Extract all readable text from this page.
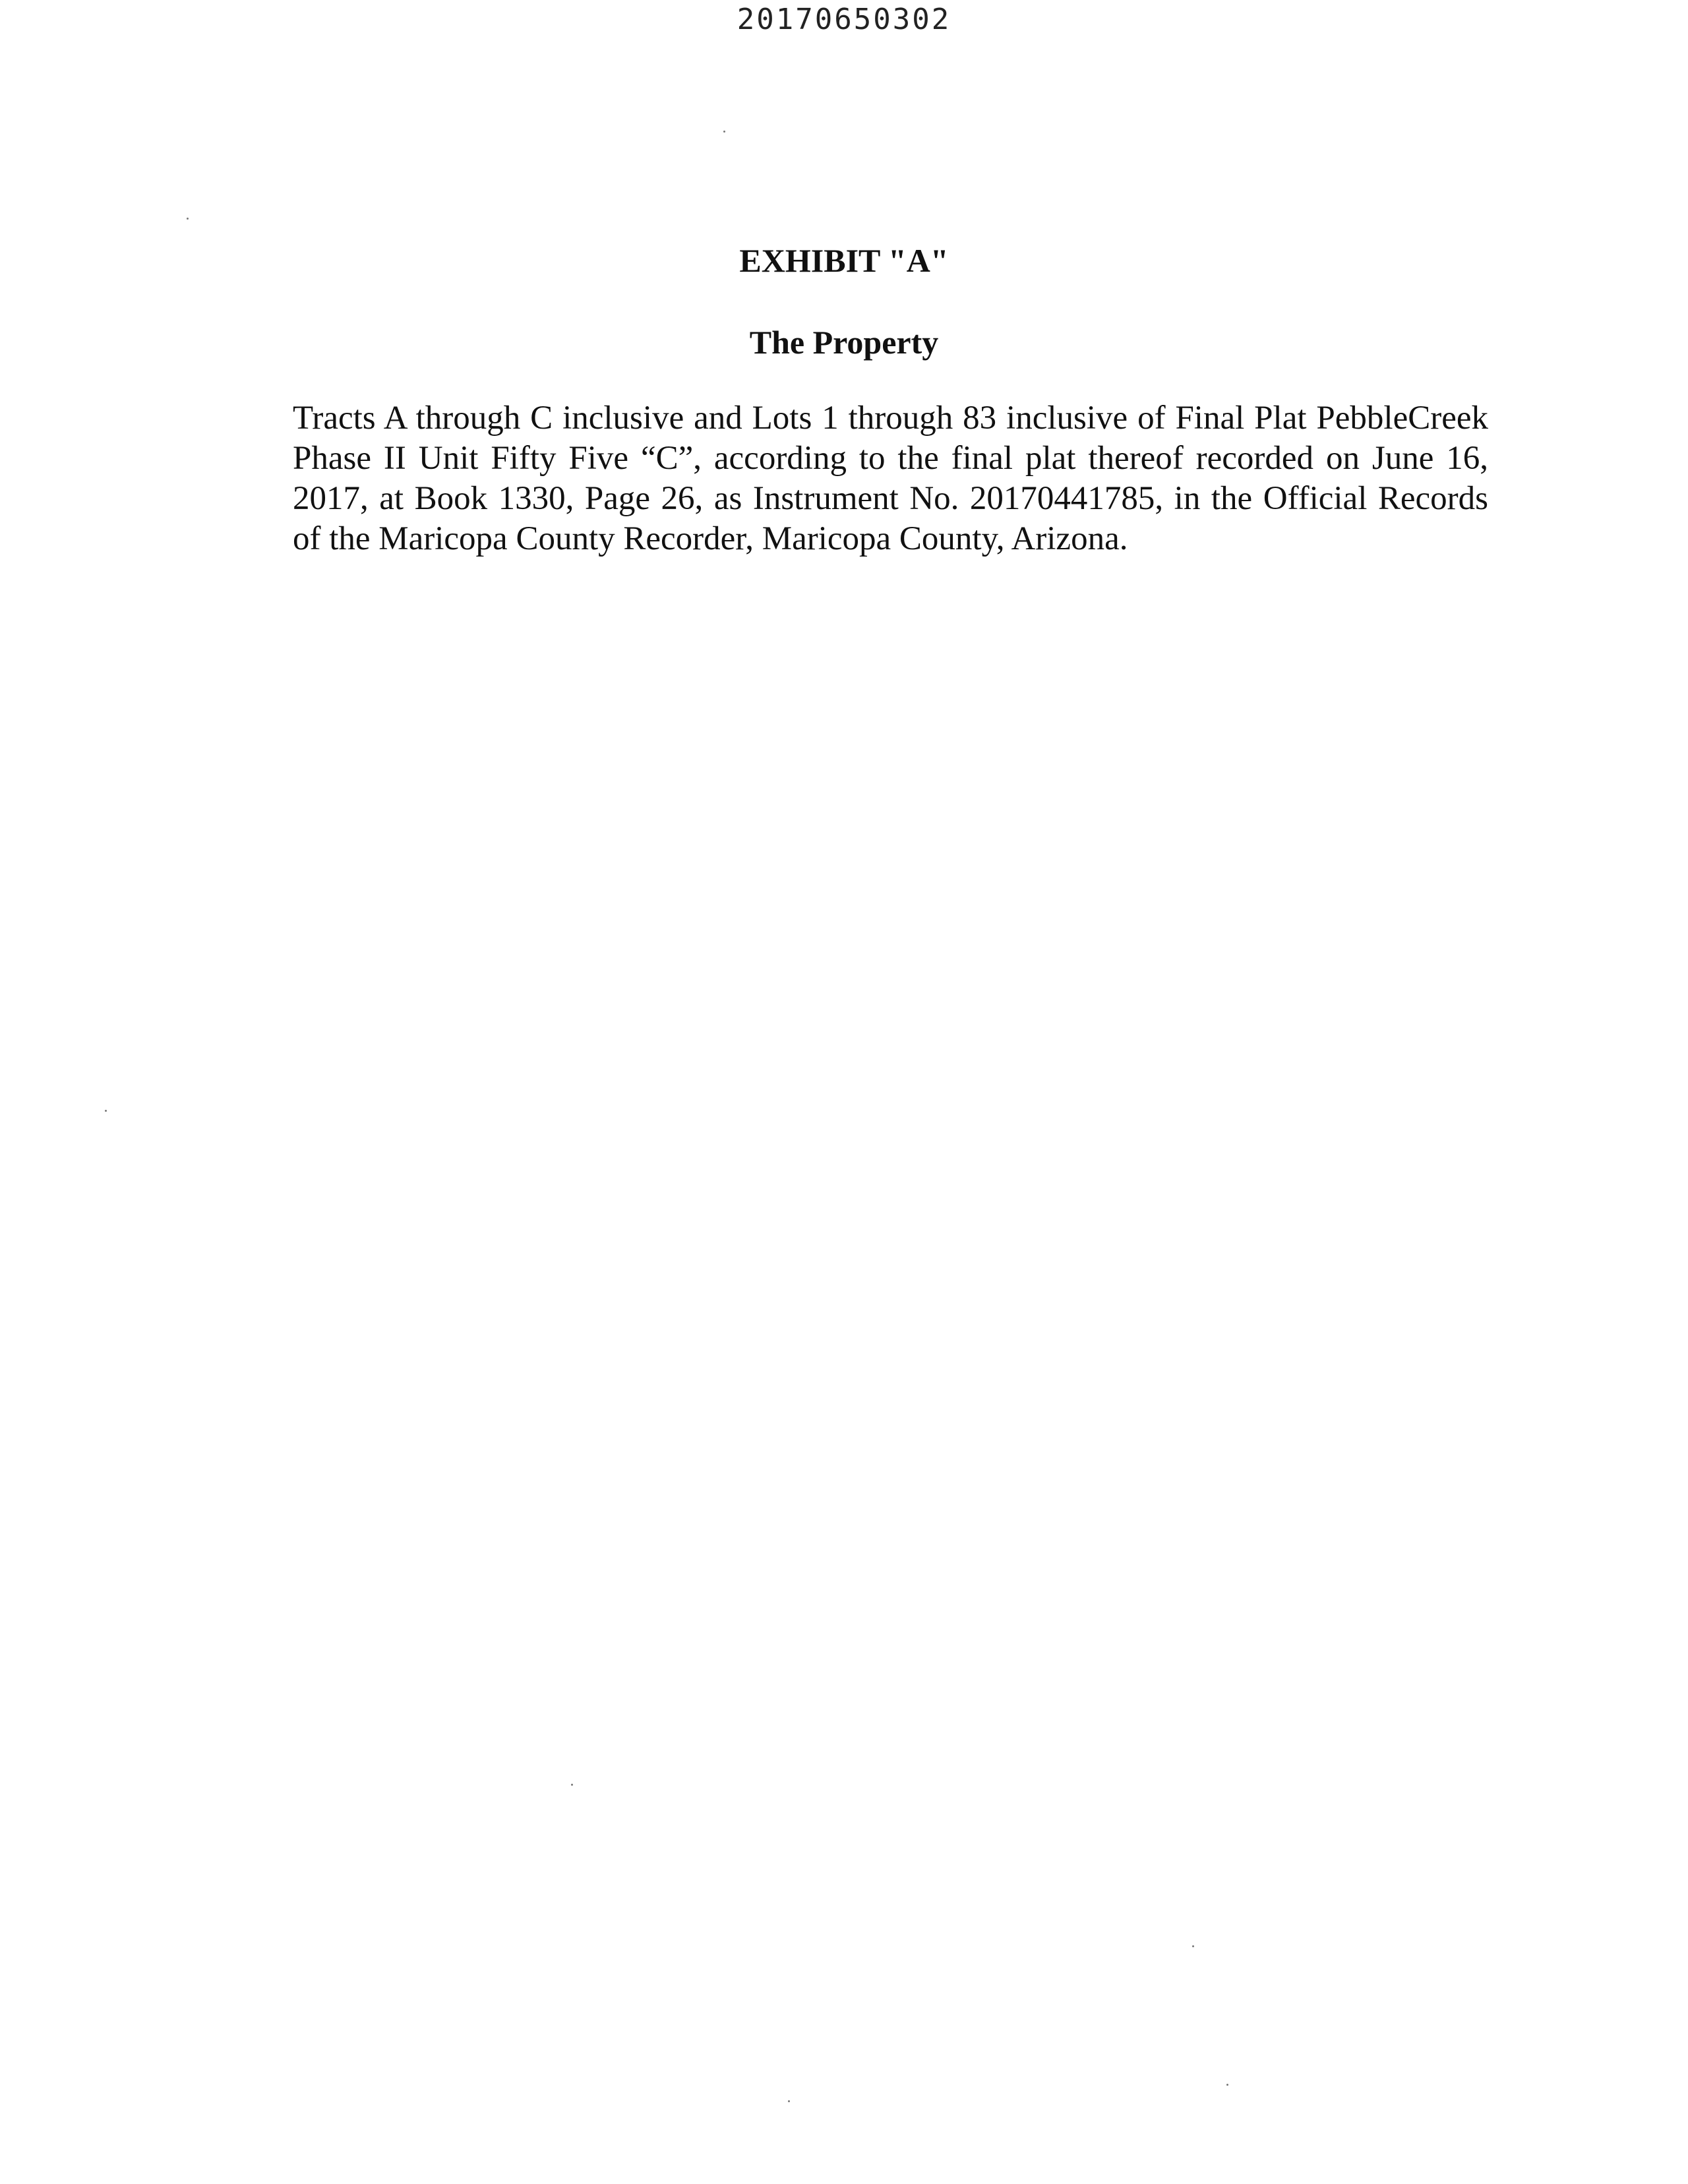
20170650302
EXHIBIT "A"
The Property
Tracts A through C inclusive and Lots 1 through 83 inclusive of Final Plat PebbleCreek Phase II Unit Fifty Five “C”, according to the final plat thereof recorded on June 16, 2017, at Book 1330, Page 26, as Instrument No. 20170441785, in the Official Records of the Maricopa County Recorder, Maricopa County, Arizona.
